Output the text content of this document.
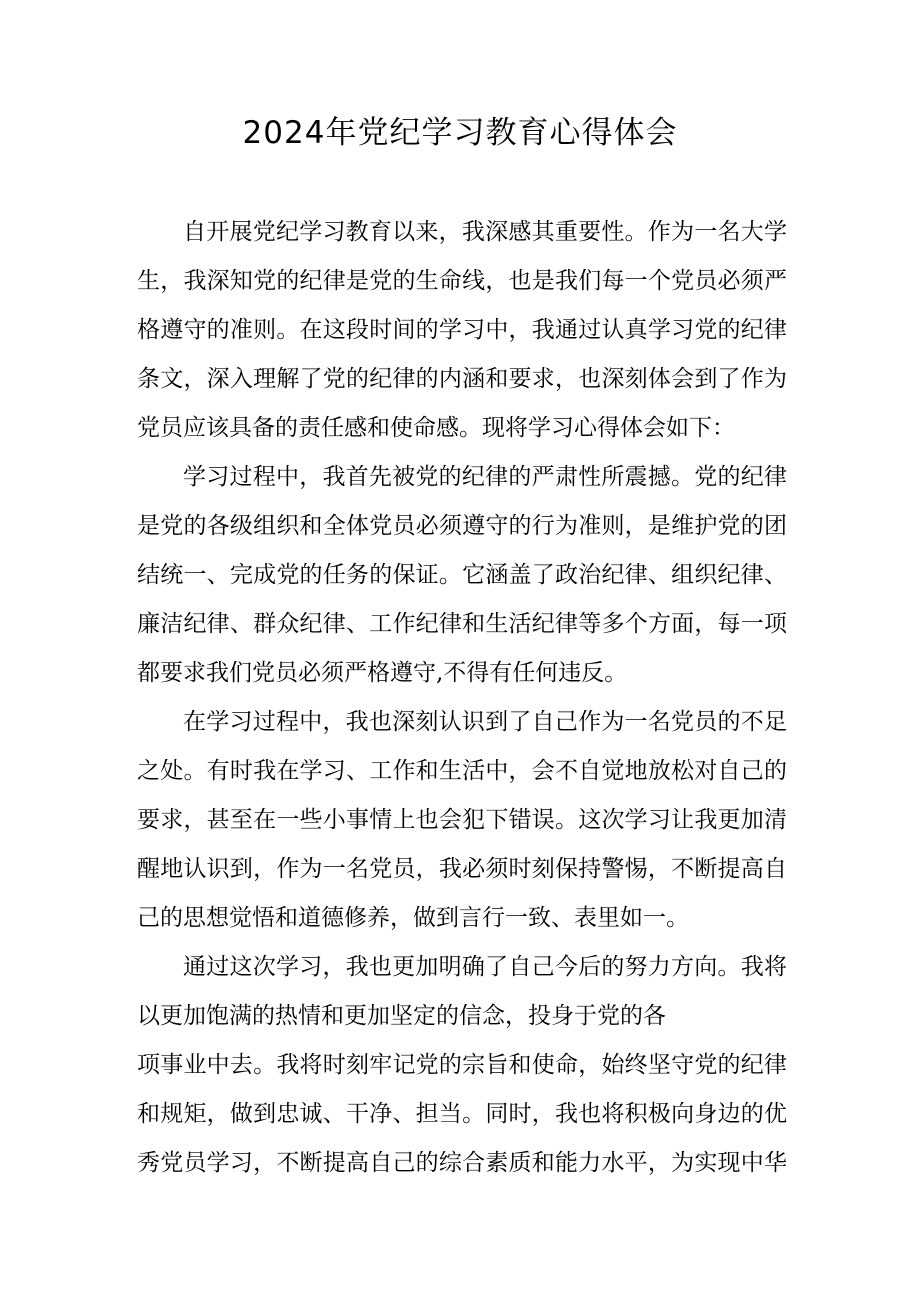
2024年党纪学习教育心得体会
自开展党纪学习教育以来，我深感其重要性。作为一名大学
生，我深知党的纪律是党的生命线，也是我们每一个党员必须严
格遵守的准则。在这段时间的学习中，我通过认真学习党的纪律
条文，深入理解了党的纪律的内涵和要求，也深刻体会到了作为
党员应该具备的责任感和使命感。现将学习心得体会如下：
学习过程中，我首先被党的纪律的严肃性所震撼。党的纪律
是党的各级组织和全体党员必须遵守的行为准则，是维护党的团
结统一、完成党的任务的保证。它涵盖了政治纪律、组织纪律、
廉洁纪律、群众纪律、工作纪律和生活纪律等多个方面，每一项
都要求我们党员必须严格遵守,不得有任何违反。
在学习过程中，我也深刻认识到了自己作为一名党员的不足
之处。有时我在学习、工作和生活中，会不自觉地放松对自己的
要求，甚至在一些小事情上也会犯下错误。这次学习让我更加清
醒地认识到，作为一名党员，我必须时刻保持警惕，不断提高自
己的思想觉悟和道德修养，做到言行一致、表里如一。
通过这次学习，我也更加明确了自己今后的努力方向。我将
以更加饱满的热情和更加坚定的信念，投身于党的各
项事业中去。我将时刻牢记党的宗旨和使命，始终坚守党的纪律
和规矩，做到忠诚、干净、担当。同时，我也将积极向身边的优
秀党员学习，不断提高自己的综合素质和能力水平，为实现中华
